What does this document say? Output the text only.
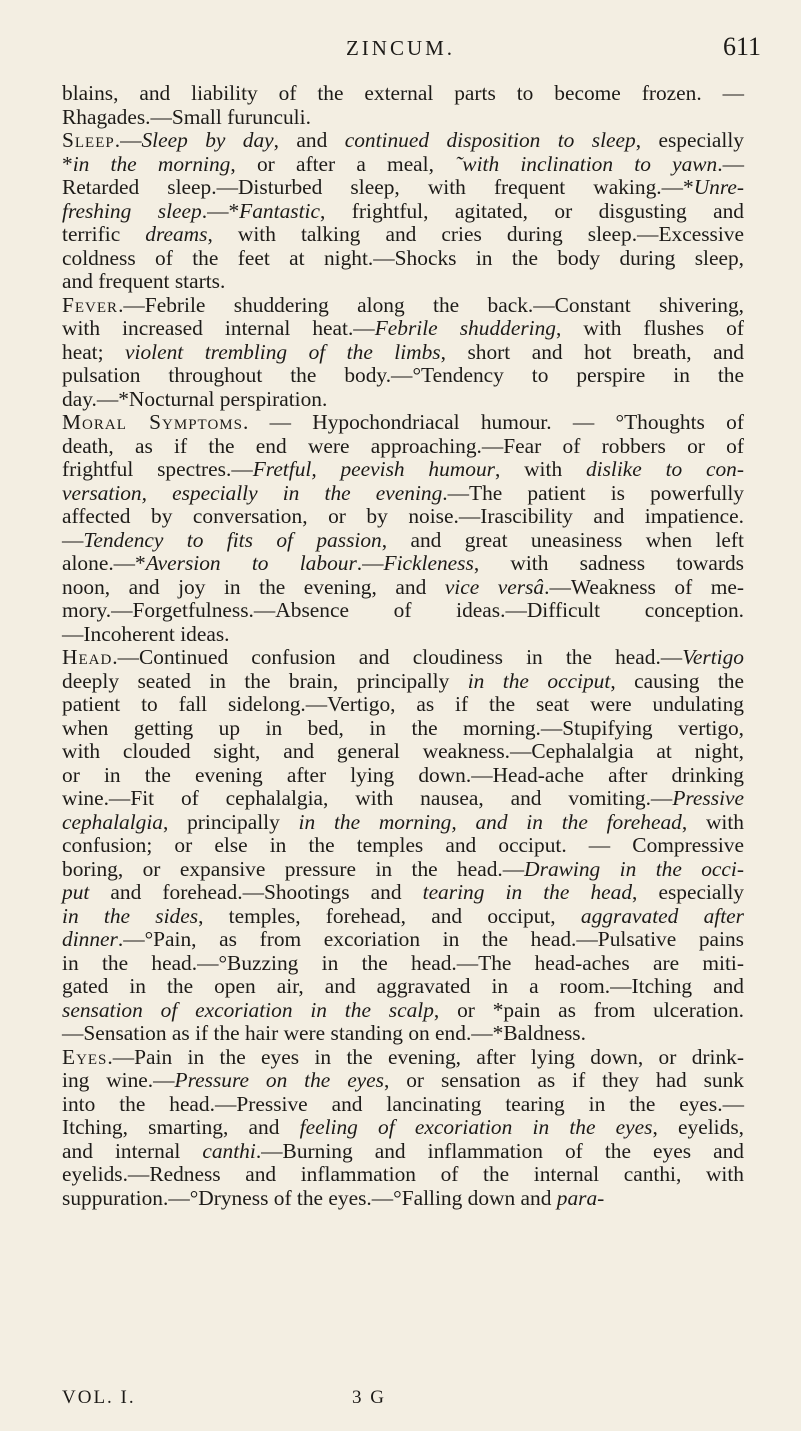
ZINCUM.	611
blains, and liability of the external parts to become frozen. —
Rhagades.—Small furunculi.
Sleep.—Sleep by day, and continued disposition to sleep, especially
*in the morning, or after a meal, ˜with inclination to yawn.—
Retarded sleep.—Disturbed sleep, with frequent waking.—*Unre-
freshing sleep.—*Fantastic, frightful, agitated, or disgusting and
terrific dreams, with talking and cries during sleep.—Excessive
coldness of the feet at night.—Shocks in the body during sleep,
and frequent starts.
Fever.—Febrile shuddering along the back.—Constant shivering,
with increased internal heat.—Febrile shuddering, with flushes of
heat; violent trembling of the limbs, short and hot breath, and
pulsation throughout the body.—°Tendency to perspire in the
day.—*Nocturnal perspiration.
Moral Symptoms. — Hypochondriacal humour. — °Thoughts of
death, as if the end were approaching.—Fear of robbers or of
frightful spectres.—Fretful, peevish humour, with dislike to con-
versation, especially in the evening.—The patient is powerfully
affected by conversation, or by noise.—Irascibility and impatience.
—Tendency to fits of passion, and great uneasiness when left
alone.—*Aversion to labour.—Fickleness, with sadness towards
noon, and joy in the evening, and vice versâ.—Weakness of me-
mory.—Forgetfulness.—Absence of ideas.—Difficult conception.
—Incoherent ideas.
Head.—Continued confusion and cloudiness in the head.—Vertigo
deeply seated in the brain, principally in the occiput, causing the
patient to fall sidelong.—Vertigo, as if the seat were undulating
when getting up in bed, in the morning.—Stupifying vertigo,
with clouded sight, and general weakness.—Cephalalgia at night,
or in the evening after lying down.—Head-ache after drinking
wine.—Fit of cephalalgia, with nausea, and vomiting.—Pressive
cephalalgia, principally in the morning, and in the forehead, with
confusion; or else in the temples and occiput. — Compressive
boring, or expansive pressure in the head.—Drawing in the occi-
put and forehead.—Shootings and tearing in the head, especially
in the sides, temples, forehead, and occiput, aggravated after
dinner.—°Pain, as from excoriation in the head.—Pulsative pains
in the head.—°Buzzing in the head.—The head-aches are miti-
gated in the open air, and aggravated in a room.—Itching and
sensation of excoriation in the scalp, or *pain as from ulceration.
—Sensation as if the hair were standing on end.—*Baldness.
Eyes.—Pain in the eyes in the evening, after lying down, or drink-
ing wine.—Pressure on the eyes, or sensation as if they had sunk
into the head.—Pressive and lancinating tearing in the eyes.—
Itching, smarting, and feeling of excoriation in the eyes, eyelids,
and internal canthi.—Burning and inflammation of the eyes and
eyelids.—Redness and inflammation of the internal canthi, with
suppuration.—°Dryness of the eyes.—°Falling down and para-
VOL. I.	3 G
